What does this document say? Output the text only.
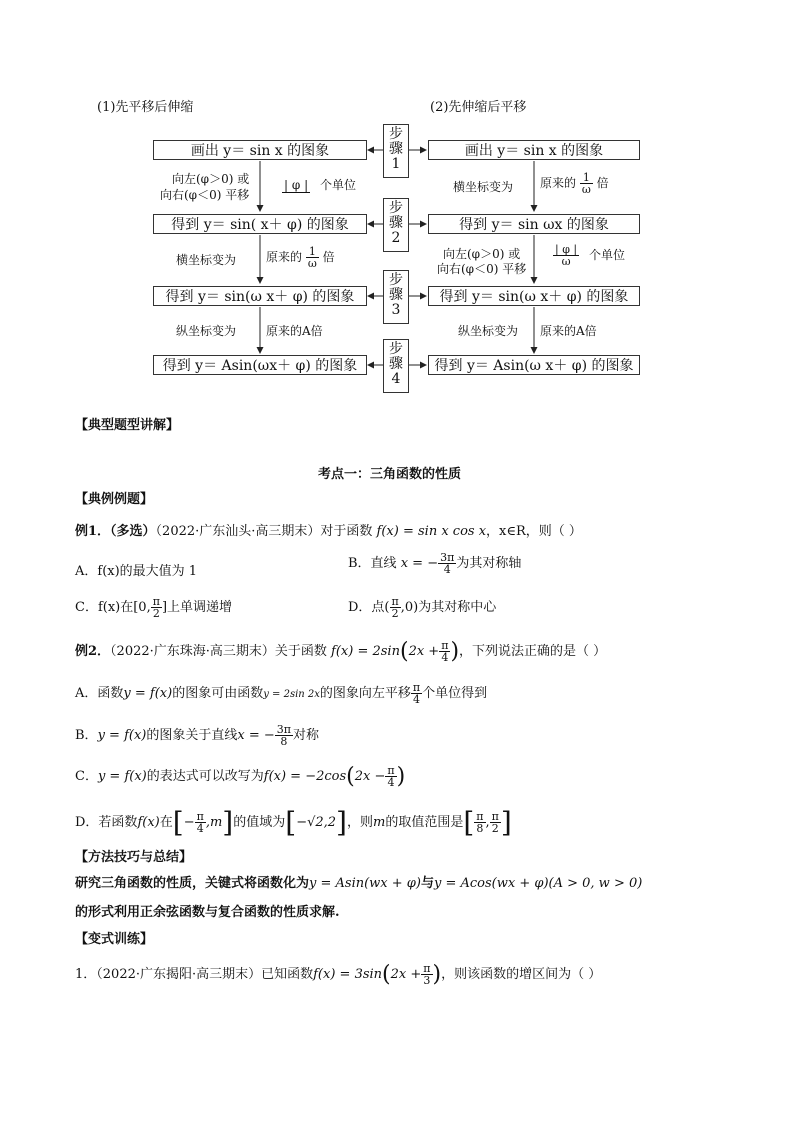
(1)先平移后伸缩	(2)先伸缩后平移
画出 y＝ sin x 的图象
得到 y＝ sin( x＋ φ) 的图象
得到 y＝ sin(ω x＋ φ) 的图象
得到 y＝ Asin(ωx＋ φ) 的图象
画出 y＝ sin x 的图象
得到 y＝ sin ωx 的图象
得到 y＝ sin(ω x＋ φ) 的图象
得到 y＝ Asin(ω x＋ φ) 的图象
步
骤
1
步
骤
2
步
骤
3
步
骤
4
向左(φ＞0) 或
向右(φ＜0) 平移
| φ | 个单位
横坐标变为 原来的 $\frac{1}{\omega}$ 倍
纵坐标变为 原来的A倍
横坐标变为 原来的 $\frac{1}{\omega}$ 倍
向左(φ＞0) 或
向右(φ＜0) 平移
$\frac{| \varphi |}{\omega}$ 个单位
纵坐标变为 原来的A倍
【典型题型讲解】
考点一：三角函数的性质
【典例例题】
例1．（多选）（2022·广东汕头·高三期末）对于函数 f(x) = sin x cos x，x∈R，则（ ）
A．f(x)的最大值为 1
B．直线 x = − $\frac{3\pi}{4}$ 为其对称轴
C．f(x)在[0, $\frac{\pi}{2}$ ]上单调递增	D．点( $\frac{\pi}{2} ,0$)为其对称中心
例2．（2022·广东珠海·高三期末）关于函数 $f(x) = 2\sin(2x + \frac{\pi}{4}$ )，下列说法正确的是（ ）
A．函数y = f(x)的图象可由函数y = 2sin 2x的图象向左平移 $\frac{\pi}{4}$ 个单位得到
B．y = f(x)的图象关于直线x = − $\frac{3\pi}{8}$ 对称
C．y = f(x)的表达式可以改写为$f(x) = -2\cos(2x - \frac{\pi}{4}$ )
D．若函数f(x)在[− $\frac{\pi}{4} ,m$]的值域为[−√2,2]，则m的取值范围是[ $\frac{\pi}{8}$ , $\frac{\pi}{2}$ ]
【方法技巧与总结】
研究三角函数的性质，关键式将函数化为y = Asin(wx + φ)与y = Acos(wx + φ)(A > 0, w > 0)
的形式利用正余弦函数与复合函数的性质求解.
【变式训练】
1．（2022·广东揭阳·高三期末）已知函数$f(x) = 3\sin(2x + \frac{\pi}{3}$ )，则该函数的增区间为（ ）
